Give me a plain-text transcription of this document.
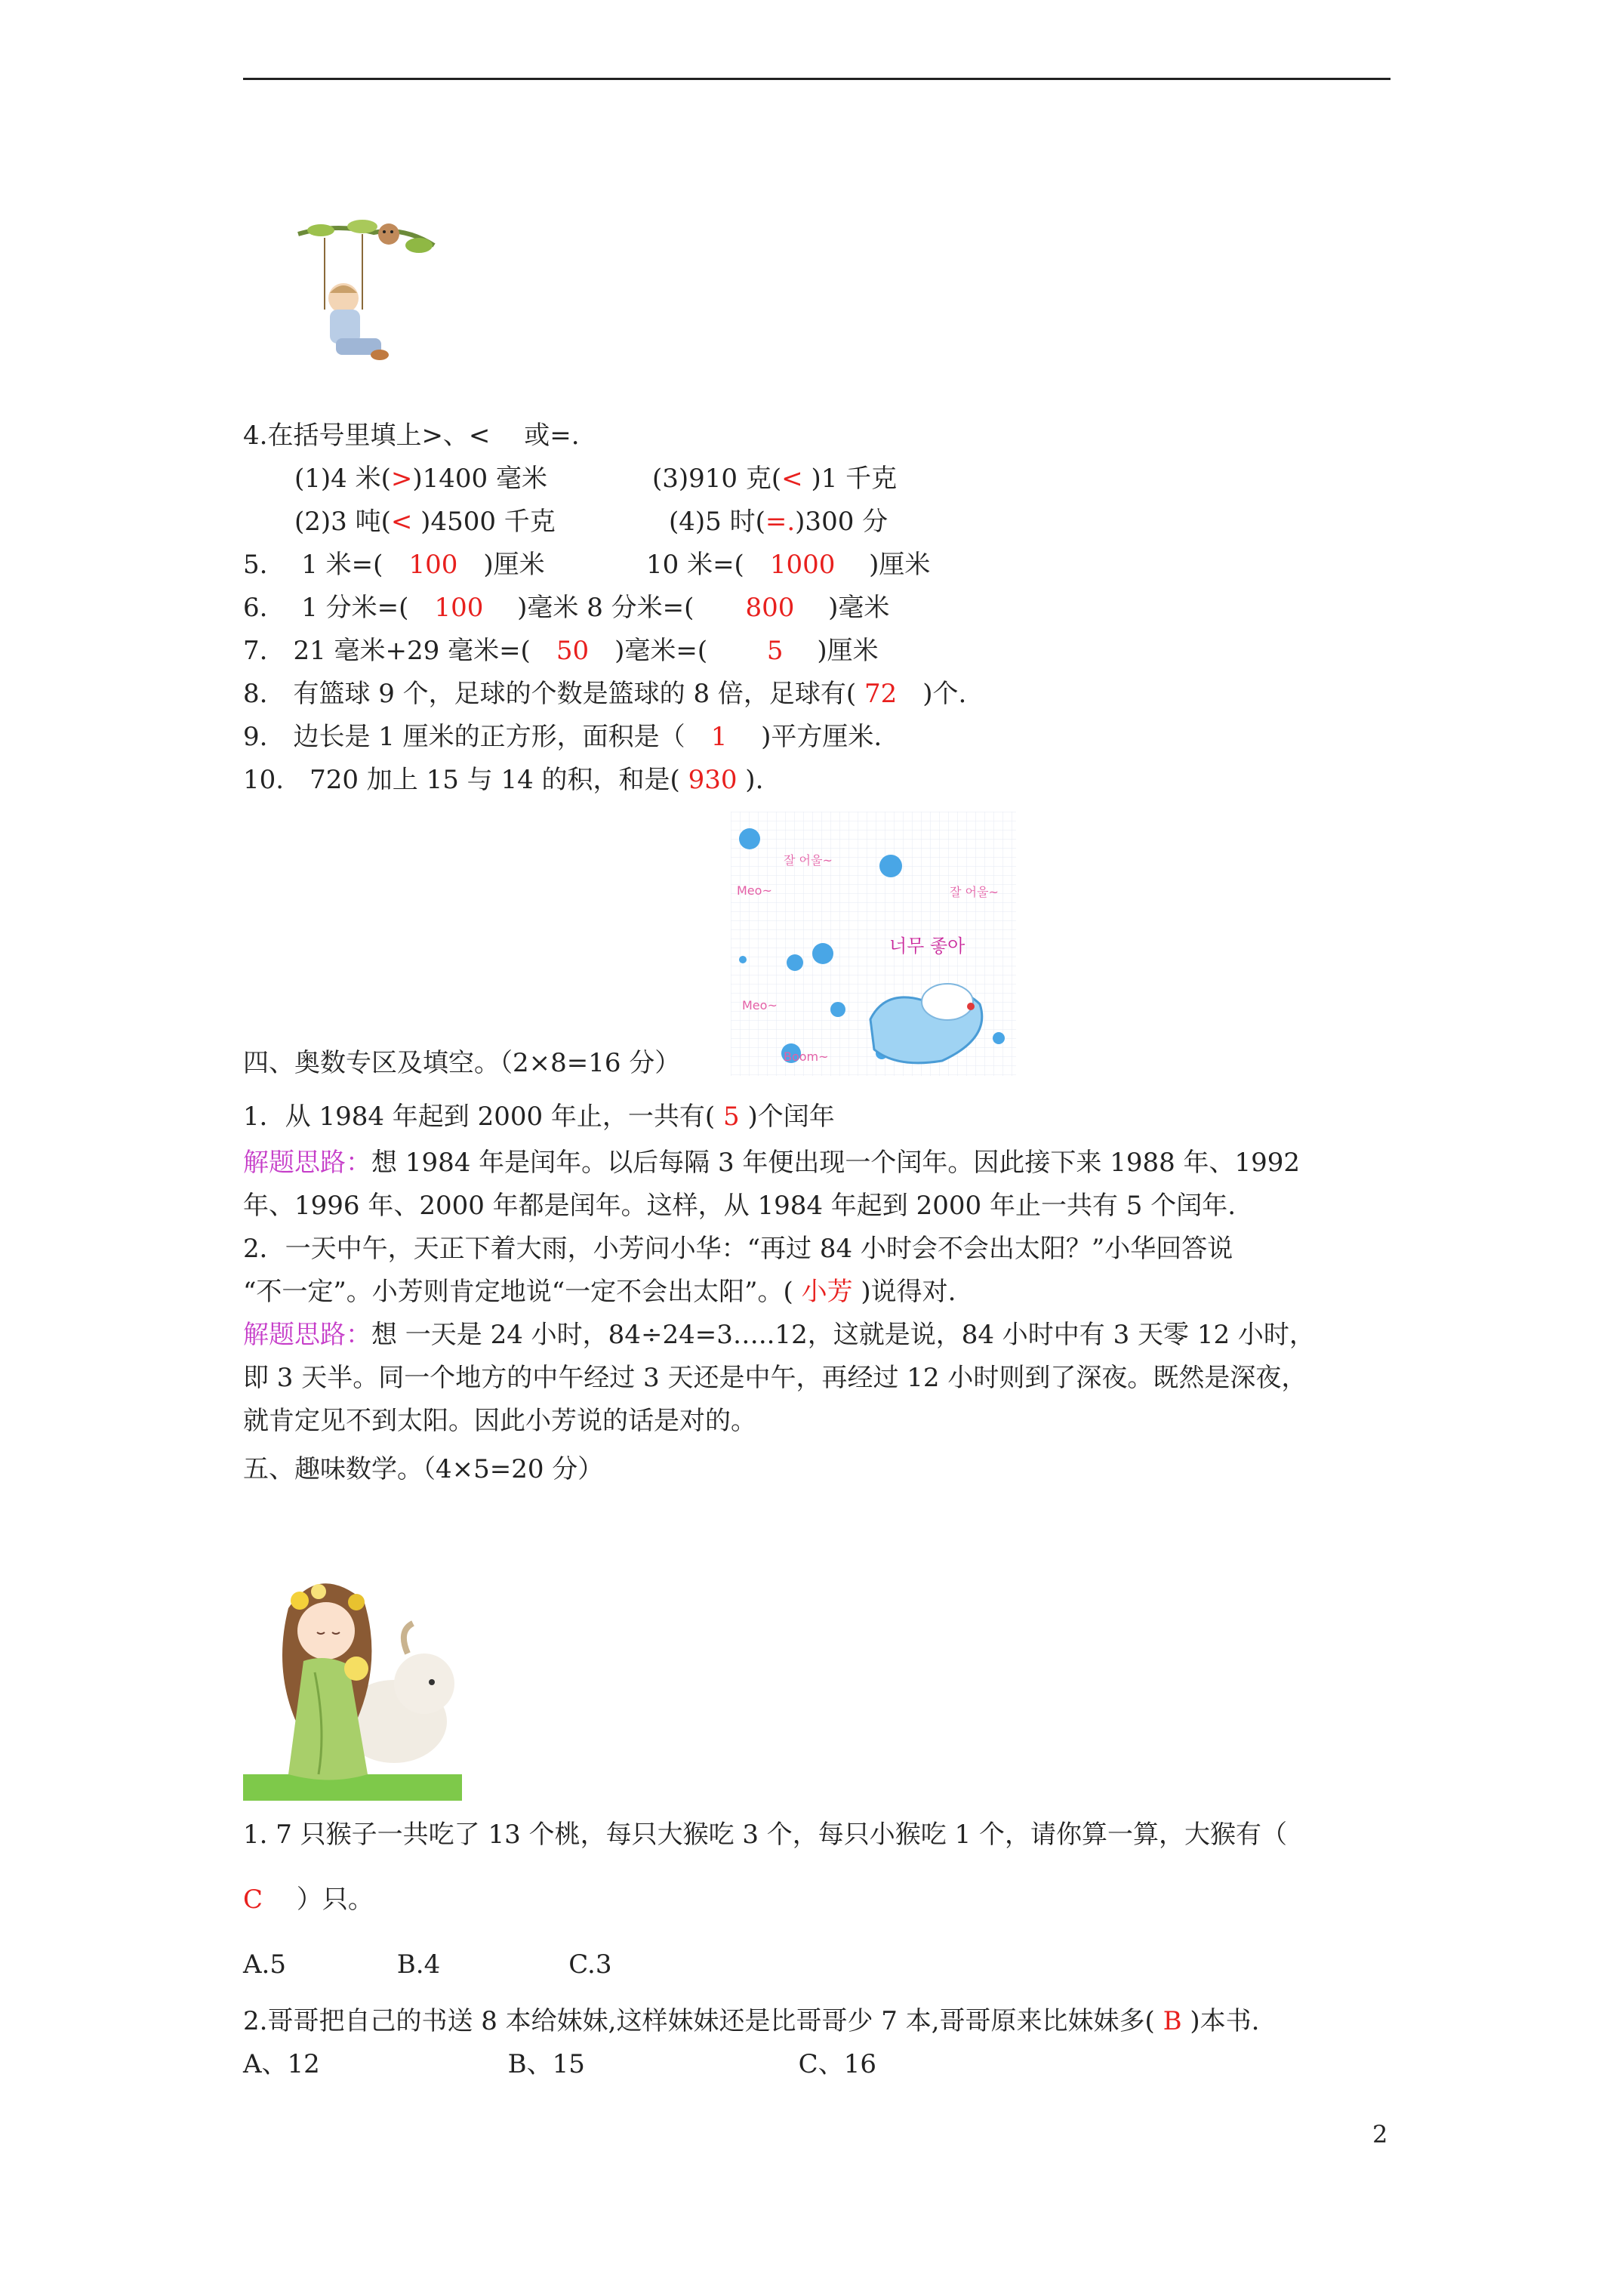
4.在括号里填上>、<　 或=.
(1)4 米(>)1400 毫米	(3)910 克(< )1 千克
(2)3 吨(< )4500 千克	(4)5 时(=.)300 分
5.　 1 米=(　100　)厘米	10 米=(　1000　 )厘米
6.　 1 分米=(　100　 )毫米 8 分米=(　　800　 )毫米
7.　21 毫米+29 毫米=(　50　)毫米=(　　 5　 )厘米
8.　有篮球 9 个，足球的个数是篮球的 8 倍，足球有( 72　)个.
9.　边长是 1 厘米的正方形，面积是（　1　 )平方厘米.
10.　720 加上 15 与 14 的积，和是( 930 ).
잘 어울~
Meo~	잘 어울~
Meo~
너무 좋아
Boom~
四、奥数专区及填空。（2×8=16 分）
1．从 1984 年起到 2000 年止，一共有( 5 )个闰年
解题思路：想 1984 年是闰年。以后每隔 3 年便出现一个闰年。因此接下来 1988 年、1992
年、1996 年、2000 年都是闰年。这样，从 1984 年起到 2000 年止一共有 5 个闰年.
2．一天中午，天正下着大雨，小芳问小华：“再过 84 小时会不会出太阳？”小华回答说
“不一定”。小芳则肯定地说“一定不会出太阳”。( 小芳 )说得对.
解题思路：想 一天是 24 小时，84÷24=3…..12，这就是说，84 小时中有 3 天零 12 小时，
即 3 天半。同一个地方的中午经过 3 天还是中午，再经过 12 小时则到了深夜。既然是深夜，
就肯定见不到太阳。因此小芳说的话是对的。
五、趣味数学。（4×5=20 分）
1. 7 只猴子一共吃了 13 个桃，每只大猴吃 3 个，每只小猴吃 1 个，请你算一算，大猴有（
C　 ）只。
A.5　　　　 B.4　　　　　C.3
2.哥哥把自己的书送 8 本给妹妹,这样妹妹还是比哥哥少 7 本,哥哥原来比妹妹多( B )本书.
A、12　　　　　　　 B、15　　　　　　　　 C、16
2
